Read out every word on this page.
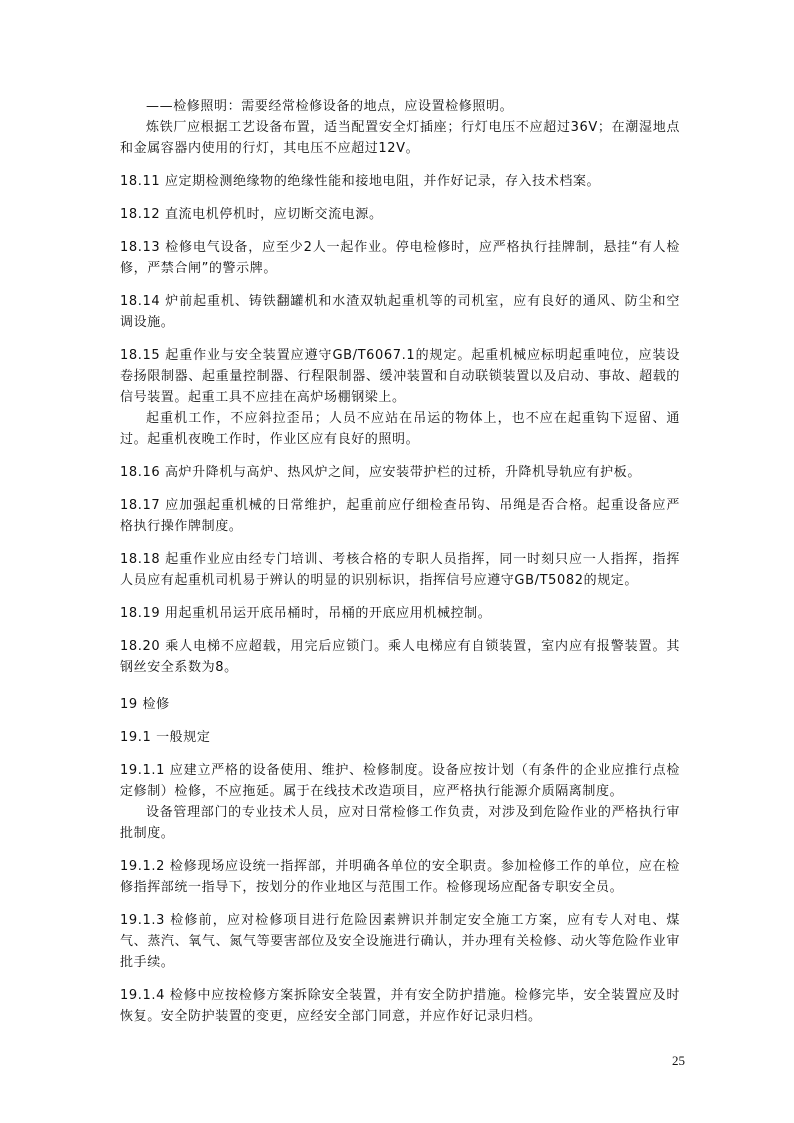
——检修照明：需要经常检修设备的地点，应设置检修照明。

炼铁厂应根据工艺设备布置，适当配置安全灯插座；行灯电压不应超过36V；在潮湿地点和金属容器内使用的行灯，其电压不应超过12V。

18.11 应定期检测绝缘物的绝缘性能和接地电阻，并作好记录，存入技术档案。

18.12 直流电机停机时，应切断交流电源。

18.13 检修电气设备，应至少2人一起作业。停电检修时，应严格执行挂牌制，悬挂“有人检修，严禁合闸”的警示牌。

18.14 炉前起重机、铸铁翻罐机和水渣双轨起重机等的司机室，应有良好的通风、防尘和空调设施。

18.15 起重作业与安全装置应遵守GB/T6067.1的规定。起重机械应标明起重吨位，应装设卷扬限制器、起重量控制器、行程限制器、缓冲装置和自动联锁装置以及启动、事故、超载的信号装置。起重工具不应挂在高炉场棚钢梁上。

起重机工作，不应斜拉歪吊；人员不应站在吊运的物体上，也不应在起重钩下逗留、通过。起重机夜晚工作时，作业区应有良好的照明。

18.16 高炉升降机与高炉、热风炉之间，应安装带护栏的过桥，升降机导轨应有护板。

18.17 应加强起重机械的日常维护，起重前应仔细检查吊钩、吊绳是否合格。起重设备应严格执行操作牌制度。

18.18 起重作业应由经专门培训、考核合格的专职人员指挥，同一时刻只应一人指挥，指挥人员应有起重机司机易于辨认的明显的识别标识，指挥信号应遵守GB/T5082的规定。

18.19 用起重机吊运开底吊桶时，吊桶的开底应用机械控制。

18.20 乘人电梯不应超载，用完后应锁门。乘人电梯应有自锁装置，室内应有报警装置。其钢丝安全系数为8。

19 检修
19.1 一般规定

19.1.1 应建立严格的设备使用、维护、检修制度。设备应按计划（有条件的企业应推行点检定修制）检修，不应拖延。属于在线技术改造项目，应严格执行能源介质隔离制度。

设备管理部门的专业技术人员，应对日常检修工作负责，对涉及到危险作业的严格执行审批制度。

19.1.2 检修现场应设统一指挥部，并明确各单位的安全职责。参加检修工作的单位，应在检修指挥部统一指导下，按划分的作业地区与范围工作。检修现场应配备专职安全员。

19.1.3 检修前，应对检修项目进行危险因素辨识并制定安全施工方案，应有专人对电、煤气、蒸汽、氧气、氮气等要害部位及安全设施进行确认，并办理有关检修、动火等危险作业审批手续。

19.1.4 检修中应按检修方案拆除安全装置，并有安全防护措施。检修完毕，安全装置应及时恢复。安全防护装置的变更，应经安全部门同意，并应作好记录归档。

25
